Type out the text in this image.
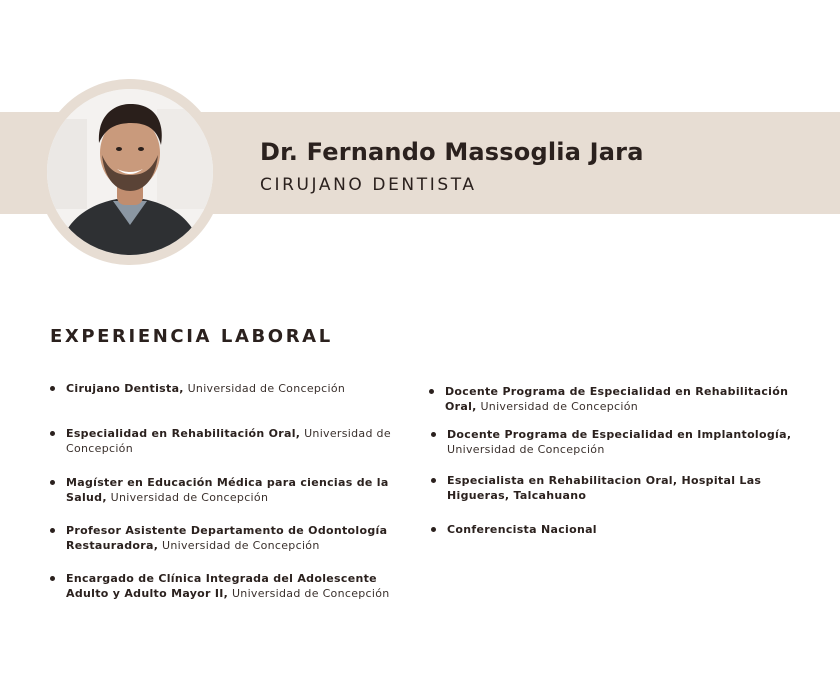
Dr. Fernando Massoglia Jara
CIRUJANO DENTISTA
EXPERIENCIA LABORAL
Cirujano Dentista, Universidad de Concepción
Especialidad en Rehabilitación Oral, Universidad de Concepción
Magíster en Educación Médica para ciencias de la Salud, Universidad de Concepción
Profesor Asistente Departamento de Odontología Restauradora, Universidad de Concepción
Encargado de Clínica Integrada del Adolescente Adulto y Adulto Mayor II, Universidad de Concepción
Docente Programa de Especialidad en Rehabilitación Oral, Universidad de Concepción
Docente Programa de Especialidad en Implantología, Universidad de Concepción
Especialista en Rehabilitacion Oral, Hospital Las Higueras, Talcahuano
Conferencista Nacional
